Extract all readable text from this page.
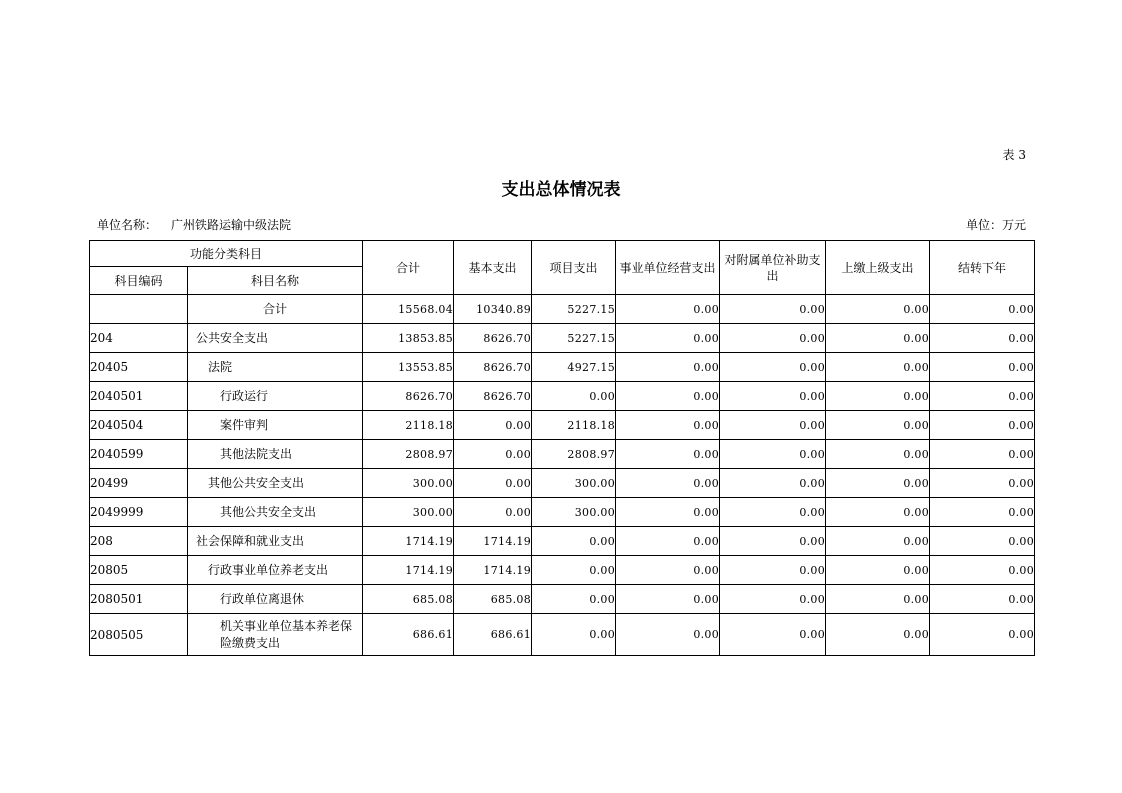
表 3
支出总体情况表
单位名称： 广州铁路运输中级法院	单位：万元
功能分类科目		合计	基本支出	项目支出	事业单位经营支出	对附属单位补助支出	上缴上级支出	结转下年
科目编码	科目名称							
	合计	15568.04	10340.89	5227.15	0.00	0.00	0.00	0.00
204	公共安全支出	13853.85	8626.70	5227.15	0.00	0.00	0.00	0.00
20405	法院	13553.85	8626.70	4927.15	0.00	0.00	0.00	0.00
2040501	行政运行	8626.70	8626.70	0.00	0.00	0.00	0.00	0.00
2040504	案件审判	2118.18	0.00	2118.18	0.00	0.00	0.00	0.00
2040599	其他法院支出	2808.97	0.00	2808.97	0.00	0.00	0.00	0.00
20499	其他公共安全支出	300.00	0.00	300.00	0.00	0.00	0.00	0.00
2049999	其他公共安全支出	300.00	0.00	300.00	0.00	0.00	0.00	0.00
208	社会保障和就业支出	1714.19	1714.19	0.00	0.00	0.00	0.00	0.00
20805	行政事业单位养老支出	1714.19	1714.19	0.00	0.00	0.00	0.00	0.00
2080501	行政单位离退休	685.08	685.08	0.00	0.00	0.00	0.00	0.00
2080505	机关事业单位基本养老保险缴费支出	686.61	686.61	0.00	0.00	0.00	0.00	0.00
